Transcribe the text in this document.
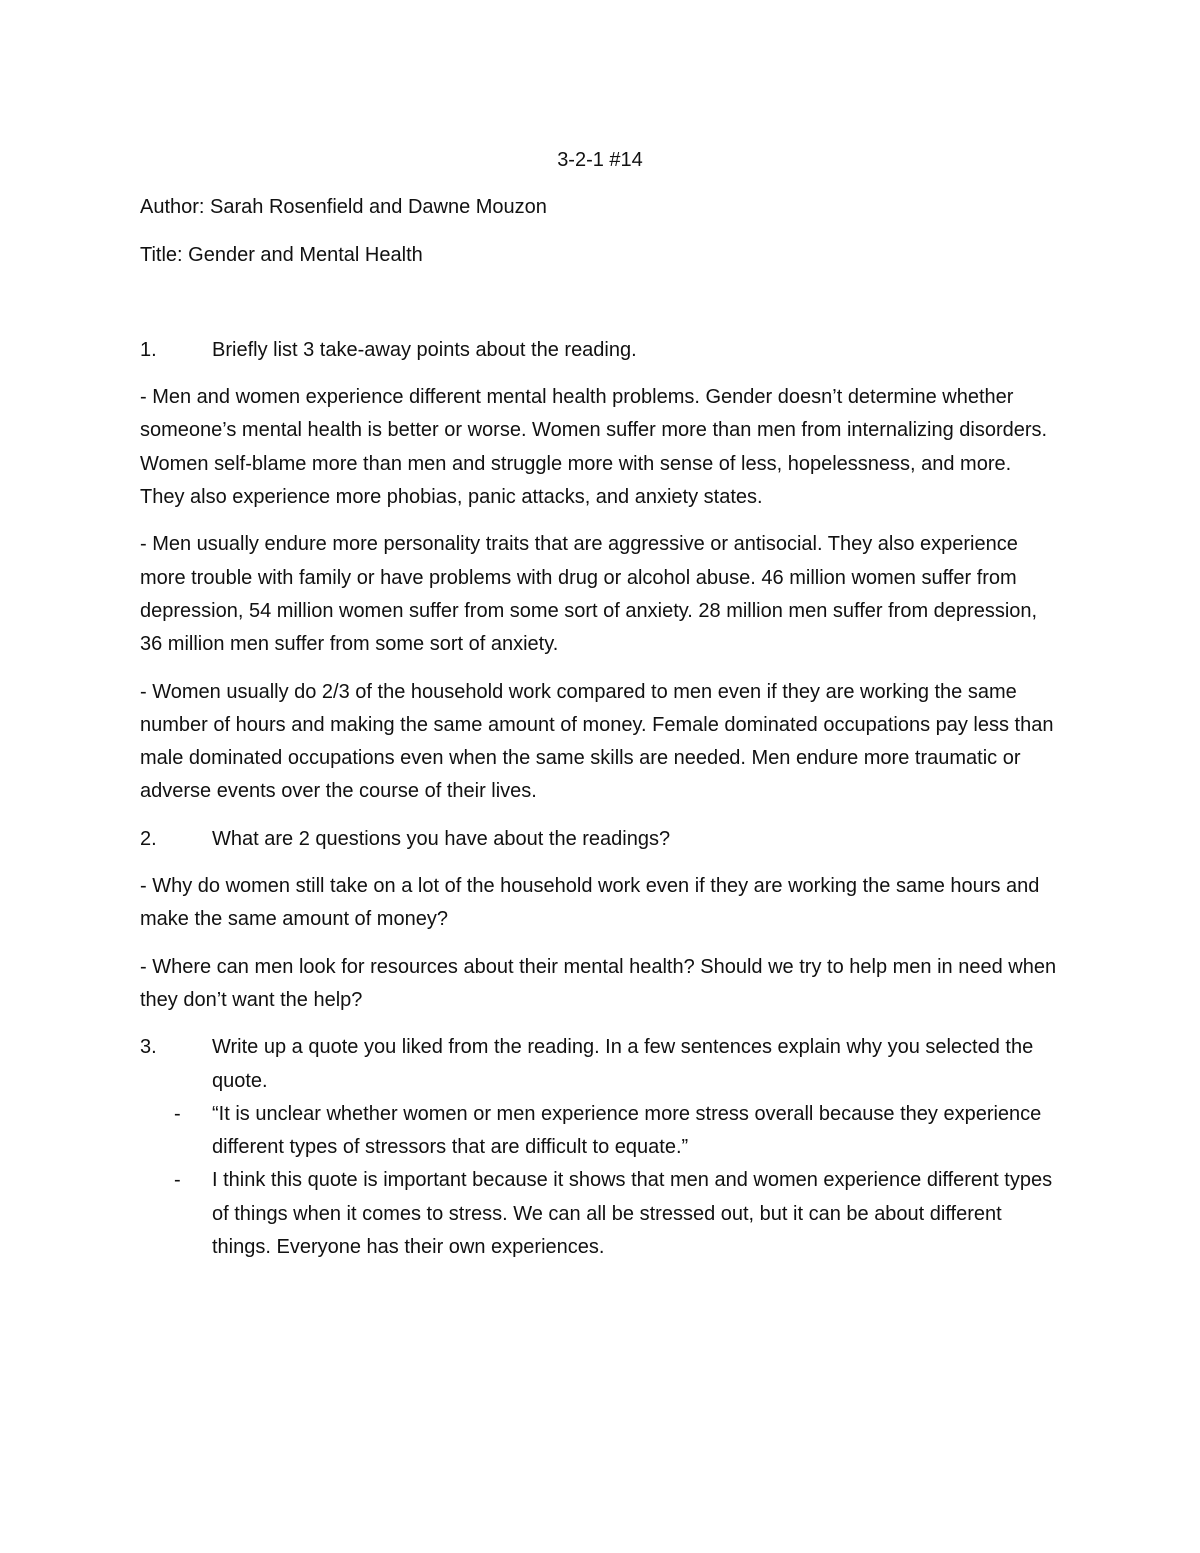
3-2-1 #14
Author: Sarah Rosenfield and Dawne Mouzon
Title: Gender and Mental Health
1.	Briefly list 3 take-away points about the reading.

- Men and women experience different mental health problems. Gender doesn’t determine whether someone’s mental health is better or worse. Women suffer more than men from internalizing disorders. Women self-blame more than men and struggle more with sense of less, hopelessness, and more. They also experience more phobias, panic attacks, and anxiety states.

- Men usually endure more personality traits that are aggressive or antisocial. They also experience more trouble with family or have problems with drug or alcohol abuse. 46 million women suffer from depression, 54 million women suffer from some sort of anxiety. 28 million men suffer from depression, 36 million men suffer from some sort of anxiety.

- Women usually do 2/3 of the household work compared to men even if they are working the same number of hours and making the same amount of money. Female dominated occupations pay less than male dominated occupations even when the same skills are needed. Men endure more traumatic or adverse events over the course of their lives.

2.	What are 2 questions you have about the readings?

- Why do women still take on a lot of the household work even if they are working the same hours and make the same amount of money?

- Where can men look for resources about their mental health? Should we try to help men in need when they don’t want the help?

3.	Write up a quote you liked from the reading. In a few sentences explain why you selected the quote.
-	“It is unclear whether women or men experience more stress overall because they experience different types of stressors that are difficult to equate.”
-	I think this quote is important because it shows that men and women experience different types of things when it comes to stress. We can all be stressed out, but it can be about different things. Everyone has their own experiences.
